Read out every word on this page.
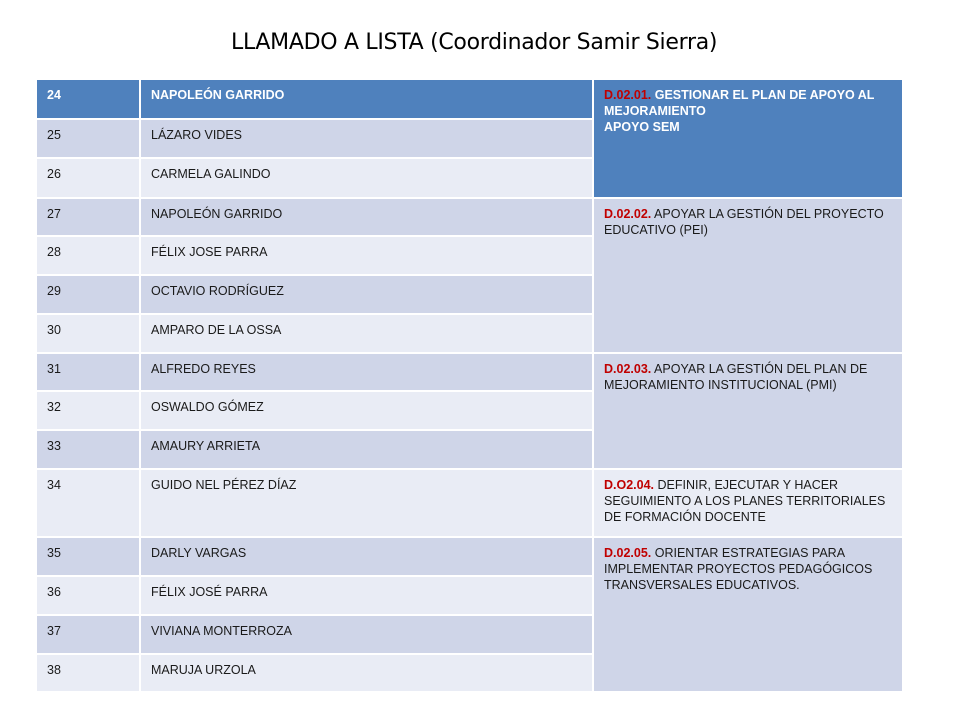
LLAMADO A LISTA (Coordinador Samir Sierra)
24	NAPOLEÓN GARRIDO	D.02.01. GESTIONAR EL PLAN DE APOYO AL MEJORAMIENTO
APOYO SEM

25	LÁZARO VIDES	
26	CARMELA GALINDO	
27	NAPOLEÓN GARRIDO	D.02.02. APOYAR LA GESTIÓN DEL PROYECTO EDUCATIVO (PEI)
28	FÉLIX JOSE PARRA	
29	OCTAVIO RODRÍGUEZ	
30	AMPARO DE LA OSSA	
31	ALFREDO REYES	D.02.03. APOYAR LA GESTIÓN DEL PLAN DE MEJORAMIENTO INSTITUCIONAL (PMI)
32	OSWALDO GÓMEZ	
33	AMAURY ARRIETA	
34	GUIDO NEL PÉREZ DÍAZ	D.O2.04. DEFINIR, EJECUTAR Y HACER SEGUIMIENTO A LOS PLANES TERRITORIALES DE FORMACIÓN DOCENTE
35	DARLY VARGAS	D.02.05. ORIENTAR ESTRATEGIAS PARA IMPLEMENTAR PROYECTOS PEDAGÓGICOS TRANSVERSALES EDUCATIVOS.
36	FÉLIX JOSÉ PARRA	
37	VIVIANA MONTERROZA	
38	MARUJA URZOLA	
